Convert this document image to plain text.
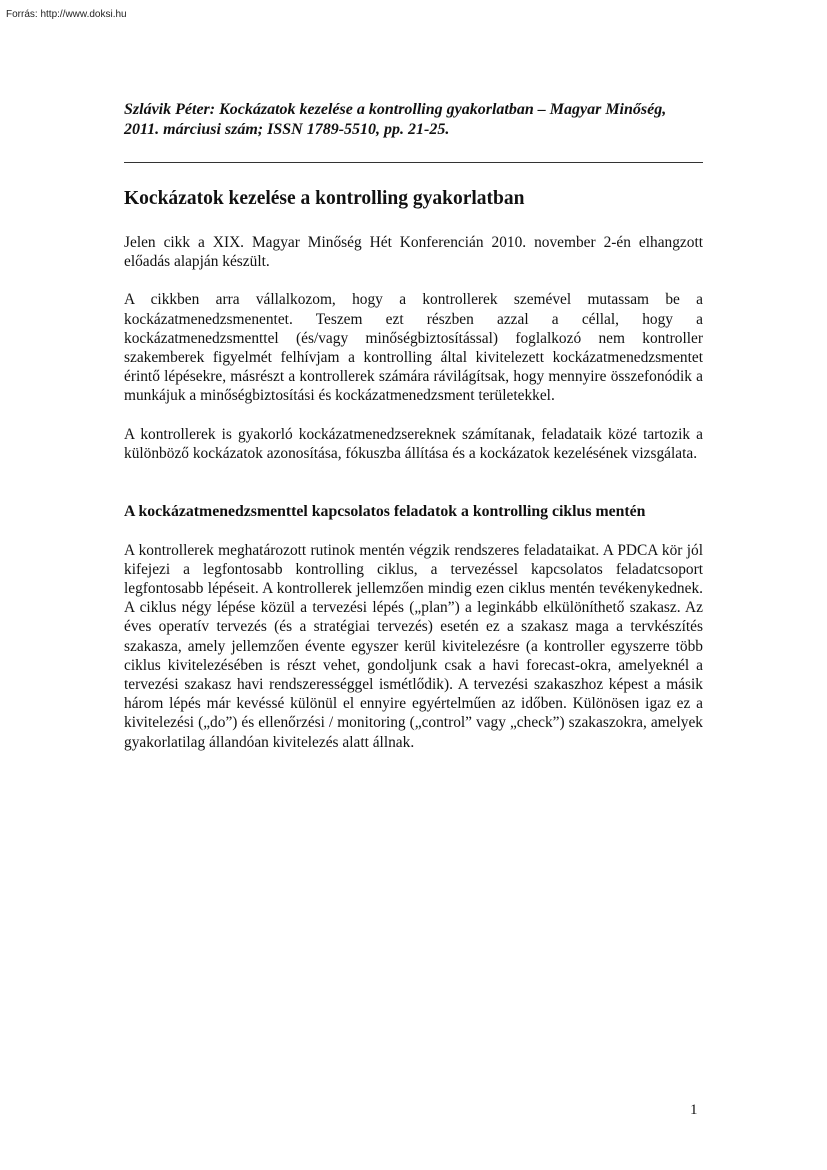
Forrás: http://www.doksi.hu

Szlávik Péter: Kockázatok kezelése a kontrolling gyakorlatban – Magyar Minőség, 2011. márciusi szám; ISSN 1789-5510, pp. 21-25.

Kockázatok kezelése a kontrolling gyakorlatban

Jelen cikk a XIX. Magyar Minőség Hét Konferencián 2010. november 2-én elhangzott előadás alapján készült.

A cikkben arra vállalkozom, hogy a kontrollerek szemével mutassam be a kockázatmenedzsmenentet. Teszem ezt részben azzal a céllal, hogy a kockázatmenedzsmenttel (és/vagy minőségbiztosítással) foglalkozó nem kontroller szakemberek figyelmét felhívjam a kontrolling által kivitelezett kockázatmenedzsmentet érintő lépésekre, másrészt a kontrollerek számára rávilágítsak, hogy mennyire összefonódik a munkájuk a minőségbiztosítási és kockázatmenedzsment területekkel.

A kontrollerek is gyakorló kockázatmenedzsereknek számítanak, feladataik közé tartozik a különböző kockázatok azonosítása, fókuszba állítása és a kockázatok kezelésének vizsgálata.

A kockázatmenedzsmenttel kapcsolatos feladatok a kontrolling ciklus mentén

A kontrollerek meghatározott rutinok mentén végzik rendszeres feladataikat. A PDCA kör jól kifejezi a legfontosabb kontrolling ciklus, a tervezéssel kapcsolatos feladatcsoport legfontosabb lépéseit. A kontrollerek jellemzően mindig ezen ciklus mentén tevékenykednek. A ciklus négy lépése közül a tervezési lépés („plan”) a leginkább elkülöníthető szakasz. Az éves operatív tervezés (és a stratégiai tervezés) esetén ez a szakasz maga a tervkészítés szakasza, amely jellemzően évente egyszer kerül kivitelezésre (a kontroller egyszerre több ciklus kivitelezésében is részt vehet, gondoljunk csak a havi forecast-okra, amelyeknél a tervezési szakasz havi rendszerességgel ismétlődik). A tervezési szakaszhoz képest a másik három lépés már kevéssé különül el ennyire egyértelműen az időben. Különösen igaz ez a kivitelezési („do”) és ellenőrzési / monitoring („control” vagy „check”) szakaszokra, amelyek gyakorlatilag állandóan kivitelezés alatt állnak.

1
